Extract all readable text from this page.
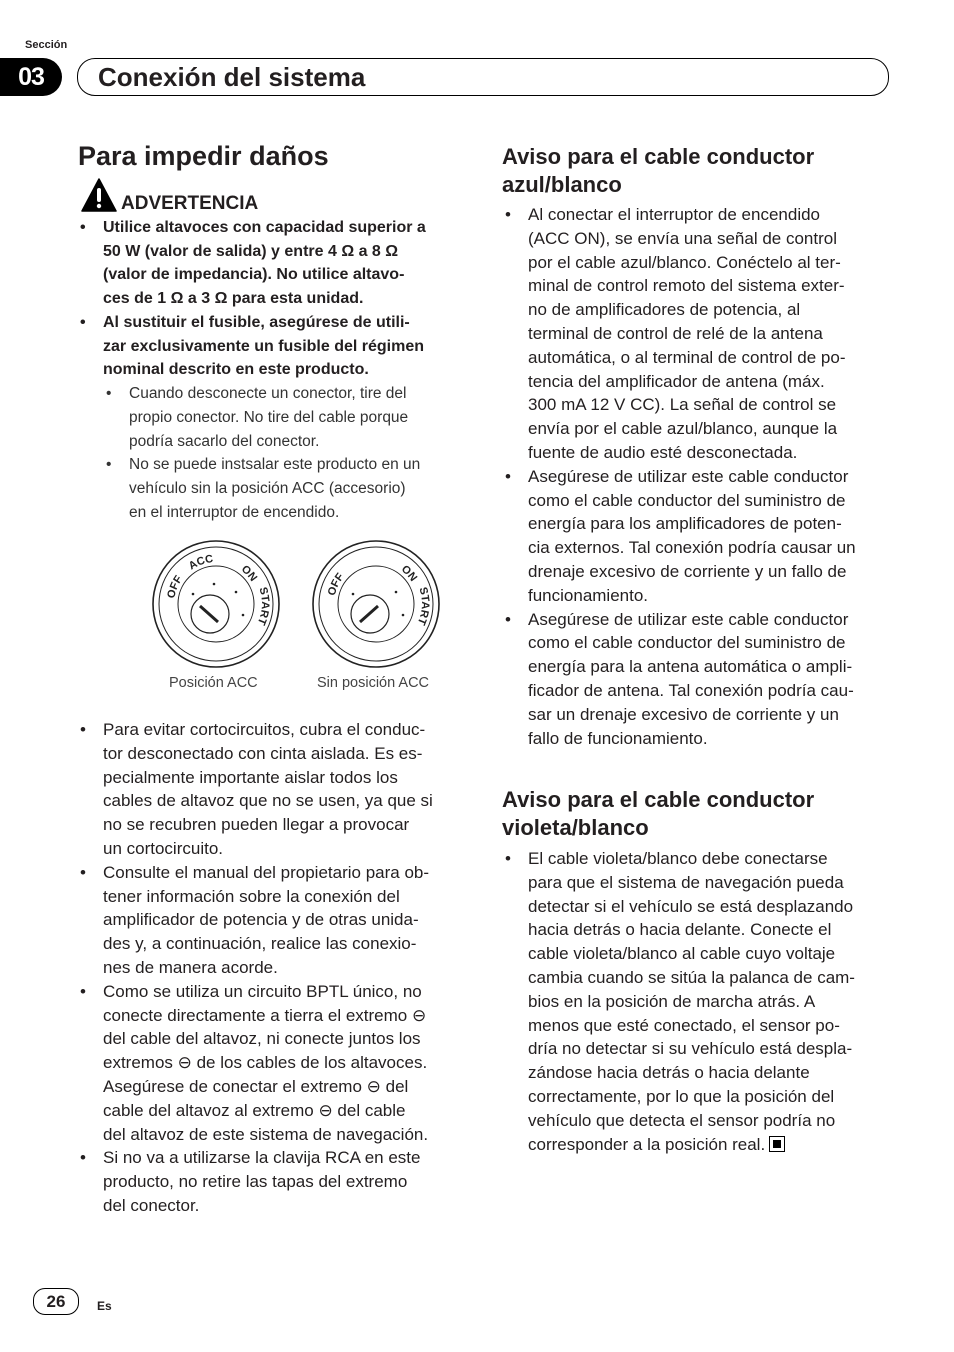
Sección
03	Conexión del sistema
Para impedir daños
ADVERTENCIA
• Utilice altavoces con capacidad superior a
50 W (valor de salida) y entre 4 Ω a 8 Ω
(valor de impedancia). No utilice altavo-
ces de 1 Ω a 3 Ω para esta unidad.
• Al sustituir el fusible, asegúrese de utili-
zar exclusivamente un fusible del régimen
nominal descrito en este producto.
• Cuando desconecte un conector, tire del
propio conector. No tire del cable porque
podría sacarlo del conector.
• No se puede instsalar este producto en un
vehículo sin la posición ACC (accesorio)
en el interruptor de encendido.
OFF
ACC
ON
START
Posición ACC
OFF	ON
START
Sin posición ACC
• Para evitar cortocircuitos, cubra el conduc-
tor desconectado con cinta aislada. Es es-
pecialmente importante aislar todos los
cables de altavoz que no se usen, ya que si
no se recubren pueden llegar a provocar
un cortocircuito.
• Consulte el manual del propietario para ob-
tener información sobre la conexión del
amplificador de potencia y de otras unida-
des y, a continuación, realice las conexio-
nes de manera acorde.
• Como se utiliza un circuito BPTL único, no
conecte directamente a tierra el extremo ⊖
del cable del altavoz, ni conecte juntos los
extremos ⊖ de los cables de los altavoces.
Asegúrese de conectar el extremo ⊖ del
cable del altavoz al extremo ⊖ del cable
del altavoz de este sistema de navegación.
• Si no va a utilizarse la clavija RCA en este
producto, no retire las tapas del extremo
del conector.
Aviso para el cable conductor
azul/blanco
• Al conectar el interruptor de encendido
(ACC ON), se envía una señal de control
por el cable azul/blanco. Conéctelo al ter-
minal de control remoto del sistema exter-
no de amplificadores de potencia, al
terminal de control de relé de la antena
automática, o al terminal de control de po-
tencia del amplificador de antena (máx.
300 mA 12 V CC). La señal de control se
envía por el cable azul/blanco, aunque la
fuente de audio esté desconectada.
• Asegúrese de utilizar este cable conductor
como el cable conductor del suministro de
energía para los amplificadores de poten-
cia externos. Tal conexión podría causar un
drenaje excesivo de corriente y un fallo de
funcionamiento.
• Asegúrese de utilizar este cable conductor
como el cable conductor del suministro de
energía para la antena automática o ampli-
ficador de antena. Tal conexión podría cau-
sar un drenaje excesivo de corriente y un
fallo de funcionamiento.
Aviso para el cable conductor
violeta/blanco
• El cable violeta/blanco debe conectarse
para que el sistema de navegación pueda
detectar si el vehículo se está desplazando
hacia detrás o hacia delante. Conecte el
cable violeta/blanco al cable cuyo voltaje
cambia cuando se sitúa la palanca de cam-
bios en la posición de marcha atrás. A
menos que esté conectado, el sensor po-
dría no detectar si su vehículo está despla-
zándose hacia detrás o hacia delante
correctamente, por lo que la posición del
vehículo que detecta el sensor podría no
corresponder a la posición real.
26	Es
